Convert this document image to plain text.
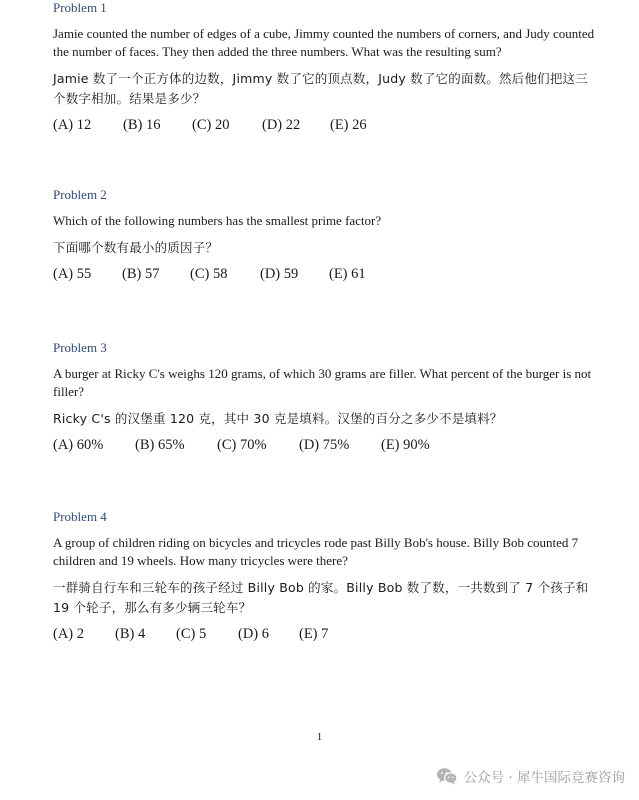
Problem 1
Jamie counted the number of edges of a cube, Jimmy counted the numbers of corners, and Judy counted the number of faces. They then added the three numbers. What was the resulting sum?
Jamie 数了一个正方体的边数，Jimmy 数了它的顶点数，Judy 数了它的面数。然后他们把这三个数字相加。结果是多少？
(A) 12 (B) 16 (C) 20 (D) 22 (E) 26
Problem 2
Which of the following numbers has the smallest prime factor?
下面哪个数有最小的质因子？
(A) 55 (B) 57 (C) 58 (D) 59 (E) 61
Problem 3
A burger at Ricky C's weighs 120 grams, of which 30 grams are filler. What percent of the burger is not filler?
Ricky C's 的汉堡重 120 克，其中 30 克是填料。汉堡的百分之多少不是填料？
(A) 60% (B) 65% (C) 70% (D) 75% (E) 90%
Problem 4
A group of children riding on bicycles and tricycles rode past Billy Bob's house. Billy Bob counted 7 children and 19 wheels. How many tricycles were there?
一群骑自行车和三轮车的孩子经过 Billy Bob 的家。Billy Bob 数了数，一共数到了 7 个孩子和 19 个轮子，那么有多少辆三轮车？
(A) 2 (B) 4 (C) 5 (D) 6 (E) 7
1
公众号 · 犀牛国际竞赛咨询
